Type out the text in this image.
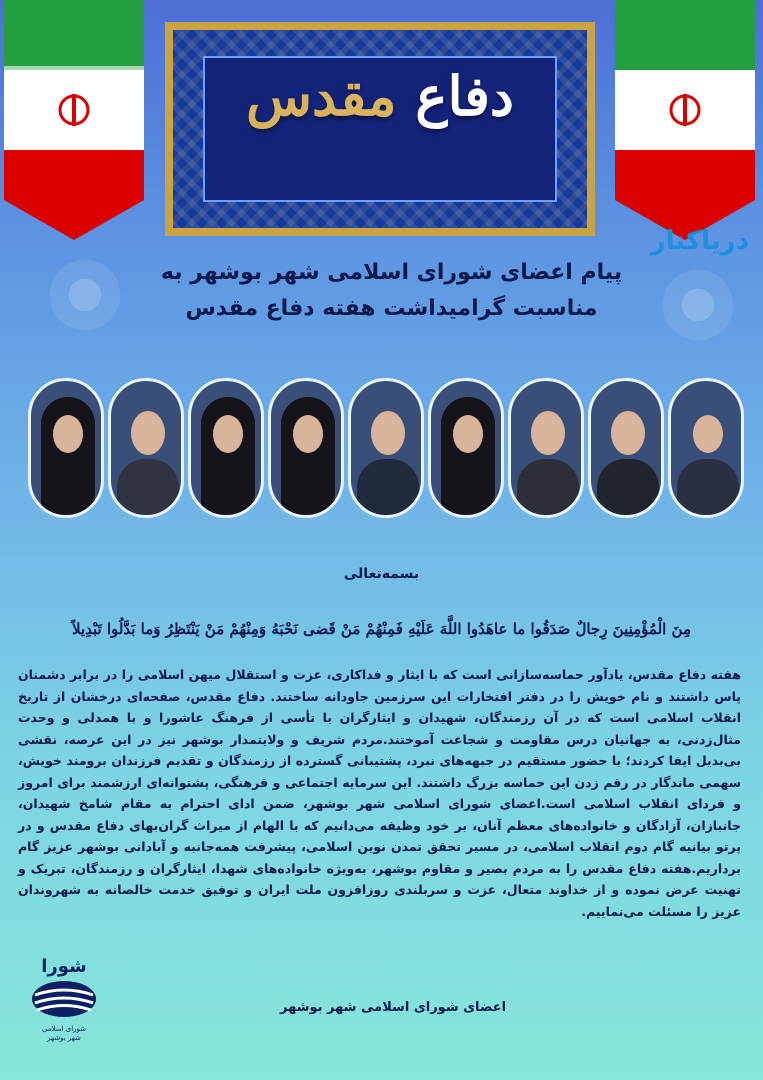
دفاع مقدس
دریاکنار
پیام اعضای شورای اسلامی شهر بوشهر به
مناسبت گرامیداشت هفته دفاع مقدس
بسمه‌تعالی
مِنَ الْمُؤْمِنِینَ رِجالٌ صَدَقُوا ما عاهَدُوا اللَّهَ عَلَیْهِ فَمِنْهُمْ مَنْ قَضی نَحْبَهُ وَمِنْهُمْ مَنْ یَنْتَظِرُ وَما بَدَّلُوا تَبْدِیلاً
هفته دفاع مقدس، یادآور حماسه‌سازانی است که با ایثار و فداکاری، عزت و استقلال میهن اسلامی را در برابر دشمنان پاس داشتند و نام خویش را در دفتر افتخارات این سرزمین جاودانه ساختند. دفاع مقدس، صفحه‌ای درخشان از تاریخ انقلاب اسلامی است که در آن رزمندگان، شهیدان و ایثارگران با تأسی از فرهنگ عاشورا و با همدلی و وحدت مثال‌زدنی، به جهانیان درس مقاومت و شجاعت آموختند.مردم شریف و ولایتمدار بوشهر نیز در این عرصه، نقشی بی‌بدیل ایفا کردند؛ با حضور مستقیم در جبهه‌های نبرد، پشتیبانی گسترده از رزمندگان و تقدیم فرزندان برومند خویش، سهمی ماندگار در رقم زدن این حماسه بزرگ داشتند. این سرمایه اجتماعی و فرهنگی، پشتوانه‌ای ارزشمند برای امروز و فردای انقلاب اسلامی است.اعضای شورای اسلامی شهر بوشهر، ضمن ادای احترام به مقام شامخ شهیدان، جانبازان، آزادگان و خانواده‌های معظم آنان، بر خود وظیفه می‌دانیم که با الهام از میراث گران‌بهای دفاع مقدس و در پرتو بیانیه گام دوم انقلاب اسلامی، در مسیر تحقق تمدن نوین اسلامی، پیشرفت همه‌جانبه و آبادانی بوشهر عزیز گام برداریم.هفته دفاع مقدس را به مردم بصیر و مقاوم بوشهر، به‌ویژه خانواده‌های شهدا، ایثارگران و رزمندگان، تبریک و تهنیت عرض نموده و از خداوند متعال، عزت و سربلندی روزافزون ملت ایران و توفیق خدمت خالصانه به شهروندان عزیز را مسئلت می‌نماییم.
شورا
شورای اسلامی
شهر بوشهر
اعضای شورای اسلامی شهر بوشهر
